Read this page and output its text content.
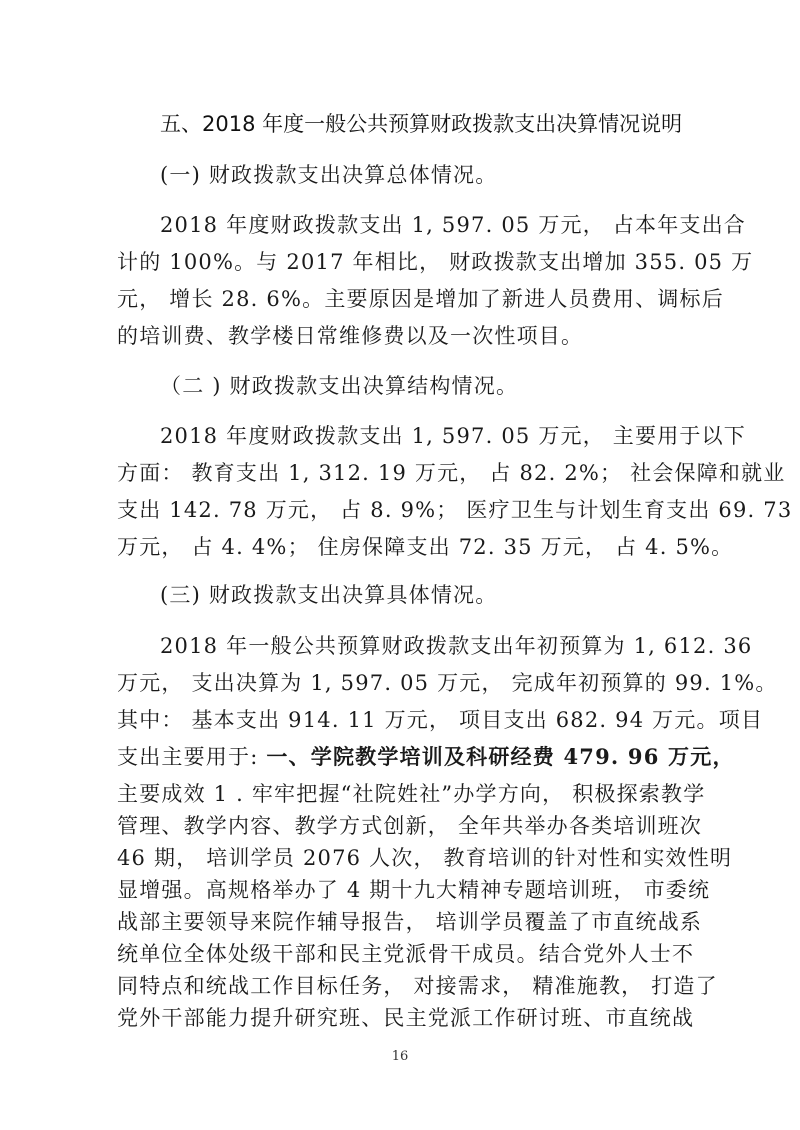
五、2018 年度一般公共预算财政拨款支出决算情况说明
(一) 财政拨款支出决算总体情况。
2018 年度财政拨款支出 1, 597. 05 万元， 占本年支出合
计的 100%。与 2017 年相比， 财政拨款支出增加 355. 05 万
元， 增长 28. 6%。主要原因是增加了新进人员费用、调标后
的培训费、教学楼日常维修费以及一次性项目。
（二 ) 财政拨款支出决算结构情况。
2018 年度财政拨款支出 1, 597. 05 万元， 主要用于以下
方面： 教育支出 1, 312. 19 万元， 占 82. 2%； 社会保障和就业
支出 142. 78 万元， 占 8. 9%； 医疗卫生与计划生育支出 69. 73
万元， 占 4. 4%； 住房保障支出 72. 35 万元， 占 4. 5%。
(三) 财政拨款支出决算具体情况。
2018 年一般公共预算财政拨款支出年初预算为 1, 612. 36
万元， 支出决算为 1, 597. 05 万元， 完成年初预算的 99. 1%。
其中： 基本支出 914. 11 万元， 项目支出 682. 94 万元。项目
支出主要用于: 一、学院教学培训及科研经费 479. 96 万元，
主要成效 1 . 牢牢把握“社院姓社”办学方向， 积极探索教学
管理、教学内容、教学方式创新， 全年共举办各类培训班次
46 期， 培训学员 2076 人次， 教育培训的针对性和实效性明
显增强。高规格举办了 4 期十九大精神专题培训班， 市委统
战部主要领导来院作辅导报告， 培训学员覆盖了市直统战系
统单位全体处级干部和民主党派骨干成员。结合党外人士不
同特点和统战工作目标任务， 对接需求， 精准施教， 打造了
16
党外干部能力提升研究班、民主党派工作研讨班、市直统战
